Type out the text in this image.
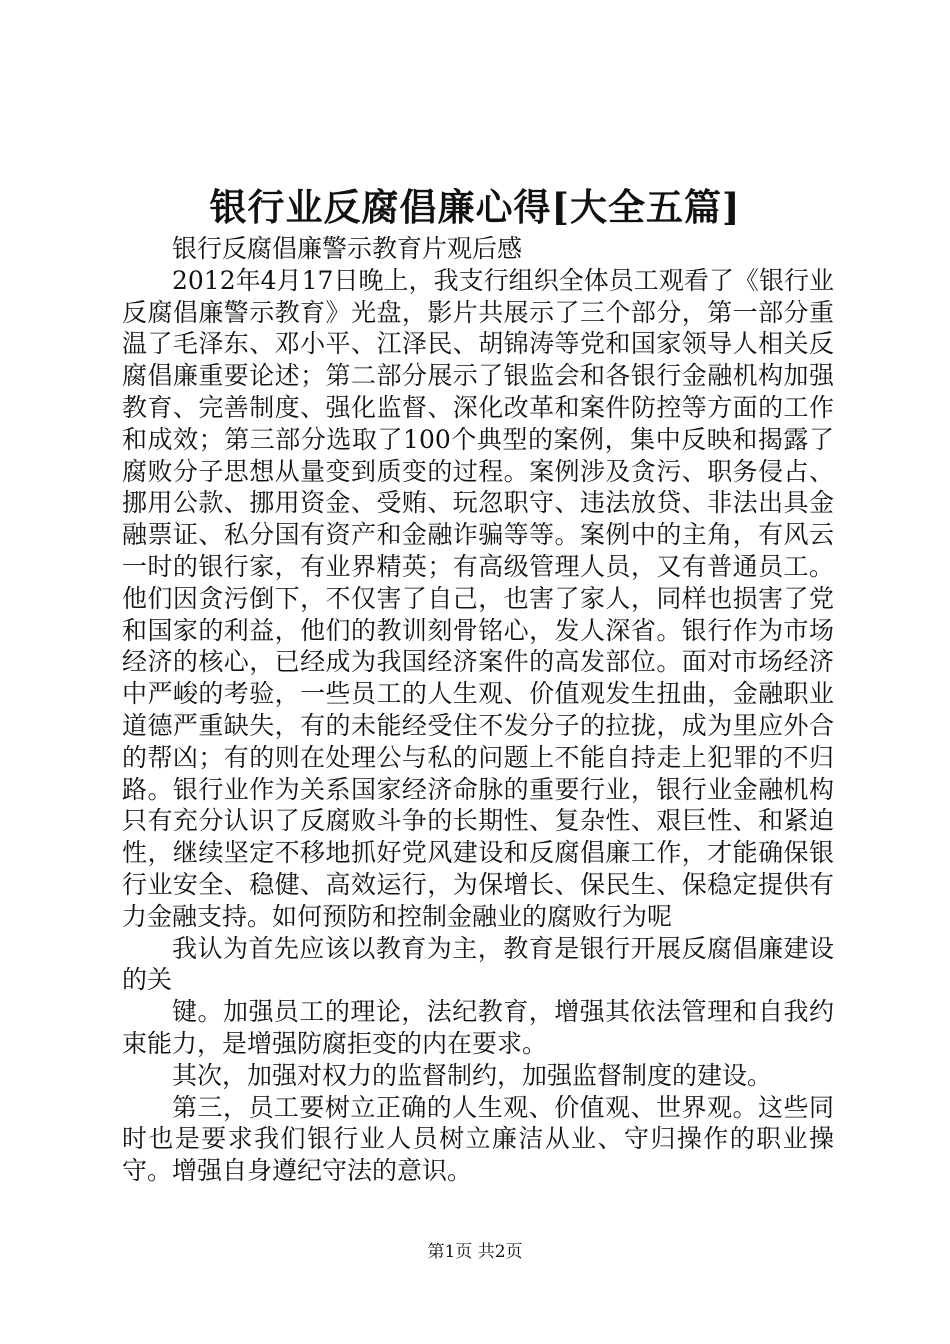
银行业反腐倡廉心得[大全五篇]

银行反腐倡廉警示教育片观后感

2012年4月17日晚上，我支行组织全体员工观看了《银行业反腐倡廉警示教育》光盘，影片共展示了三个部分，第一部分重温了毛泽东、邓小平、江泽民、胡锦涛等党和国家领导人相关反腐倡廉重要论述；第二部分展示了银监会和各银行金融机构加强教育、完善制度、强化监督、深化改革和案件防控等方面的工作和成效；第三部分选取了100个典型的案例，集中反映和揭露了腐败分子思想从量变到质变的过程。案例涉及贪污、职务侵占、挪用公款、挪用资金、受贿、玩忽职守、违法放贷、非法出具金融票证、私分国有资产和金融诈骗等等。案例中的主角，有风云一时的银行家，有业界精英；有高级管理人员，又有普通员工。他们因贪污倒下，不仅害了自己，也害了家人，同样也损害了党和国家的利益，他们的教训刻骨铭心，发人深省。银行作为市场经济的核心，已经成为我国经济案件的高发部位。面对市场经济中严峻的考验，一些员工的人生观、价值观发生扭曲，金融职业道德严重缺失，有的未能经受住不发分子的拉拢，成为里应外合的帮凶；有的则在处理公与私的问题上不能自持走上犯罪的不归路。银行业作为关系国家经济命脉的重要行业，银行业金融机构只有充分认识了反腐败斗争的长期性、复杂性、艰巨性、和紧迫性，继续坚定不移地抓好党风建设和反腐倡廉工作，才能确保银行业安全、稳健、高效运行，为保增长、保民生、保稳定提供有力金融支持。如何预防和控制金融业的腐败行为呢

我认为首先应该以教育为主，教育是银行开展反腐倡廉建设的关

键。加强员工的理论，法纪教育，增强其依法管理和自我约束能力，是增强防腐拒变的内在要求。

其次，加强对权力的监督制约，加强监督制度的建设。

第三，员工要树立正确的人生观、价值观、世界观。这些同时也是要求我们银行业人员树立廉洁从业、守归操作的职业操守。增强自身遵纪守法的意识。

第1页 共2页
